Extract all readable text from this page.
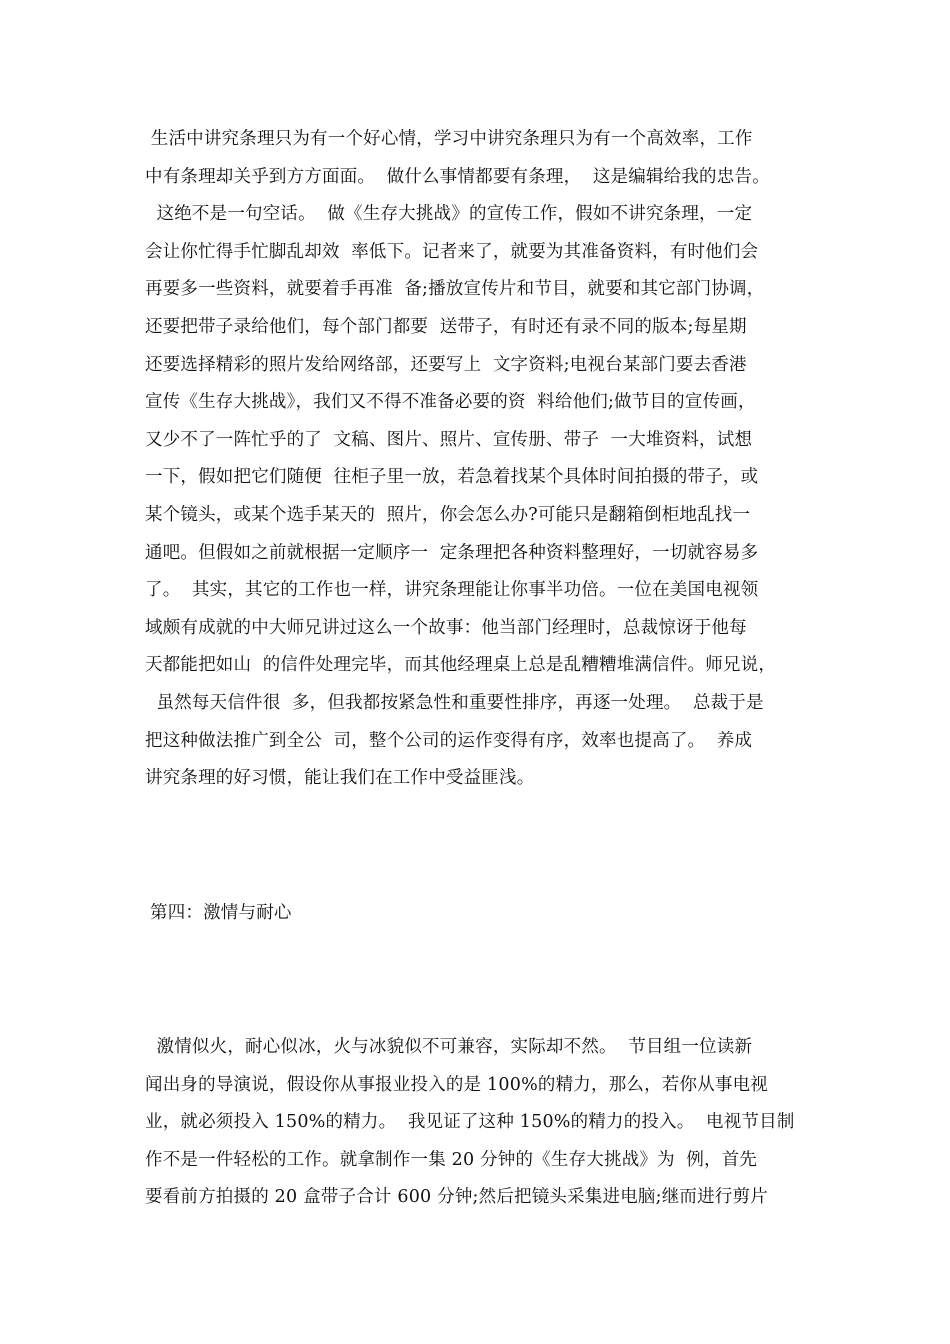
生活中讲究条理只为有一个好心情，学习中讲究条理只为有一个高效率，工作
中有条理却关乎到方方面面。  做什么事情都要有条理，  这是编辑给我的忠告。
这绝不是一句空话。  做《生存大挑战》的宣传工作，假如不讲究条理，一定
会让你忙得手忙脚乱却效  率低下。记者来了，就要为其准备资料，有时他们会
再要多一些资料，就要着手再准  备;播放宣传片和节目，就要和其它部门协调，
还要把带子录给他们，每个部门都要  送带子，有时还有录不同的版本;每星期
还要选择精彩的照片发给网络部，还要写上  文字资料;电视台某部门要去香港
宣传《生存大挑战》，我们又不得不准备必要的资  料给他们;做节目的宣传画，
又少不了一阵忙乎的了  文稿、图片、照片、宣传册、带子  一大堆资料，试想
一下，假如把它们随便  往柜子里一放，若急着找某个具体时间拍摄的带子，或
某个镜头，或某个选手某天的  照片，你会怎么办?可能只是翻箱倒柜地乱找一
通吧。但假如之前就根据一定顺序一  定条理把各种资料整理好，一切就容易多
了。  其实，其它的工作也一样，讲究条理能让你事半功倍。一位在美国电视领
域颇有成就的中大师兄讲过这么一个故事：他当部门经理时，总裁惊讶于他每
天都能把如山  的信件处理完毕，而其他经理桌上总是乱糟糟堆满信件。师兄说，
虽然每天信件很  多，但我都按紧急性和重要性排序，再逐一处理。  总裁于是
把这种做法推广到全公  司，整个公司的运作变得有序，效率也提高了。  养成
讲究条理的好习惯，能让我们在工作中受益匪浅。
第四：激情与耐心
激情似火，耐心似冰，火与冰貌似不可兼容，实际却不然。  节目组一位读新
闻出身的导演说，假设你从事报业投入的是 100%的精力，那么，若你从事电视
业，就必须投入 150%的精力。  我见证了这种 150%的精力的投入。  电视节目制
作不是一件轻松的工作。就拿制作一集 20 分钟的《生存大挑战》为  例，首先
要看前方拍摄的 20 盒带子合计 600 分钟;然后把镜头采集进电脑;继而进行剪片
